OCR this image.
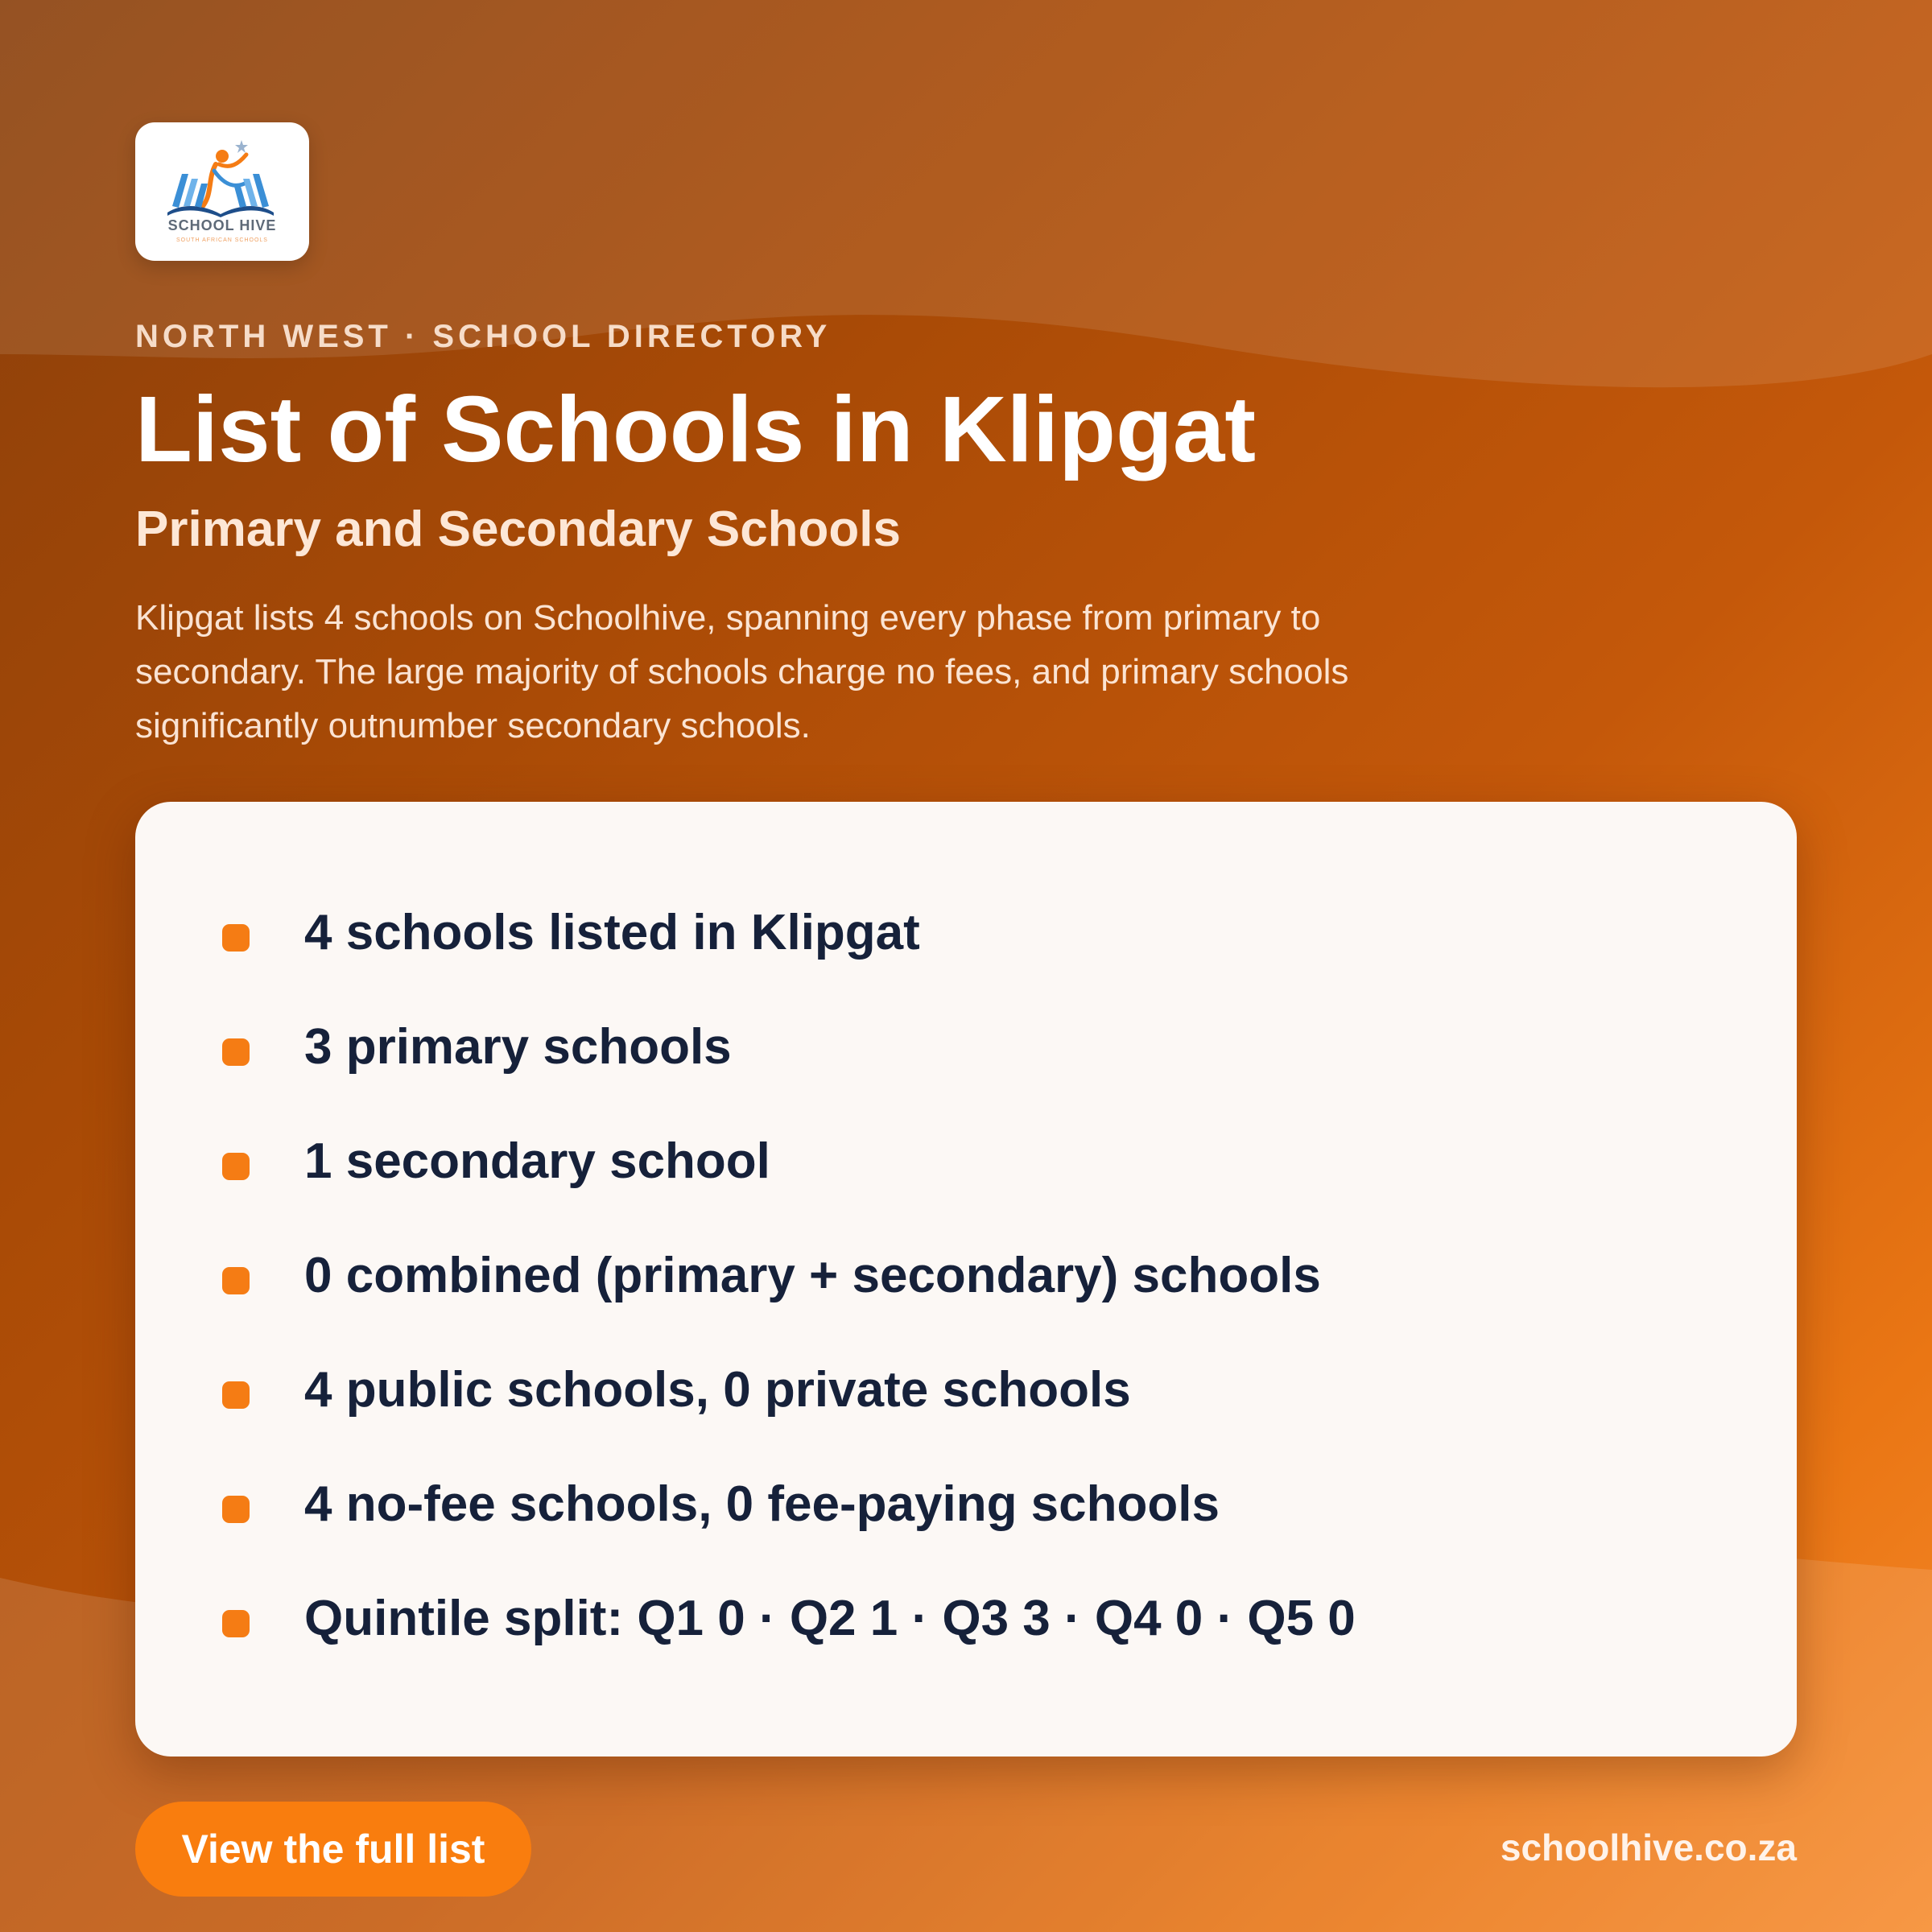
SCHOOL HIVE
SOUTH AFRICAN SCHOOLS
NORTH WEST · SCHOOL DIRECTORY
List of Schools in Klipgat
Primary and Secondary Schools

Klipgat lists 4 schools on Schoolhive, spanning every phase from primary to secondary. The large majority of schools charge no fees, and primary schools significantly outnumber secondary schools.

4 schools listed in Klipgat
3 primary schools
1 secondary school
0 combined (primary + secondary) schools
4 public schools, 0 private schools
4 no-fee schools, 0 fee-paying schools
Quintile split: Q1 0 · Q2 1 · Q3 3 · Q4 0 · Q5 0
View the full list	schoolhive.co.za
